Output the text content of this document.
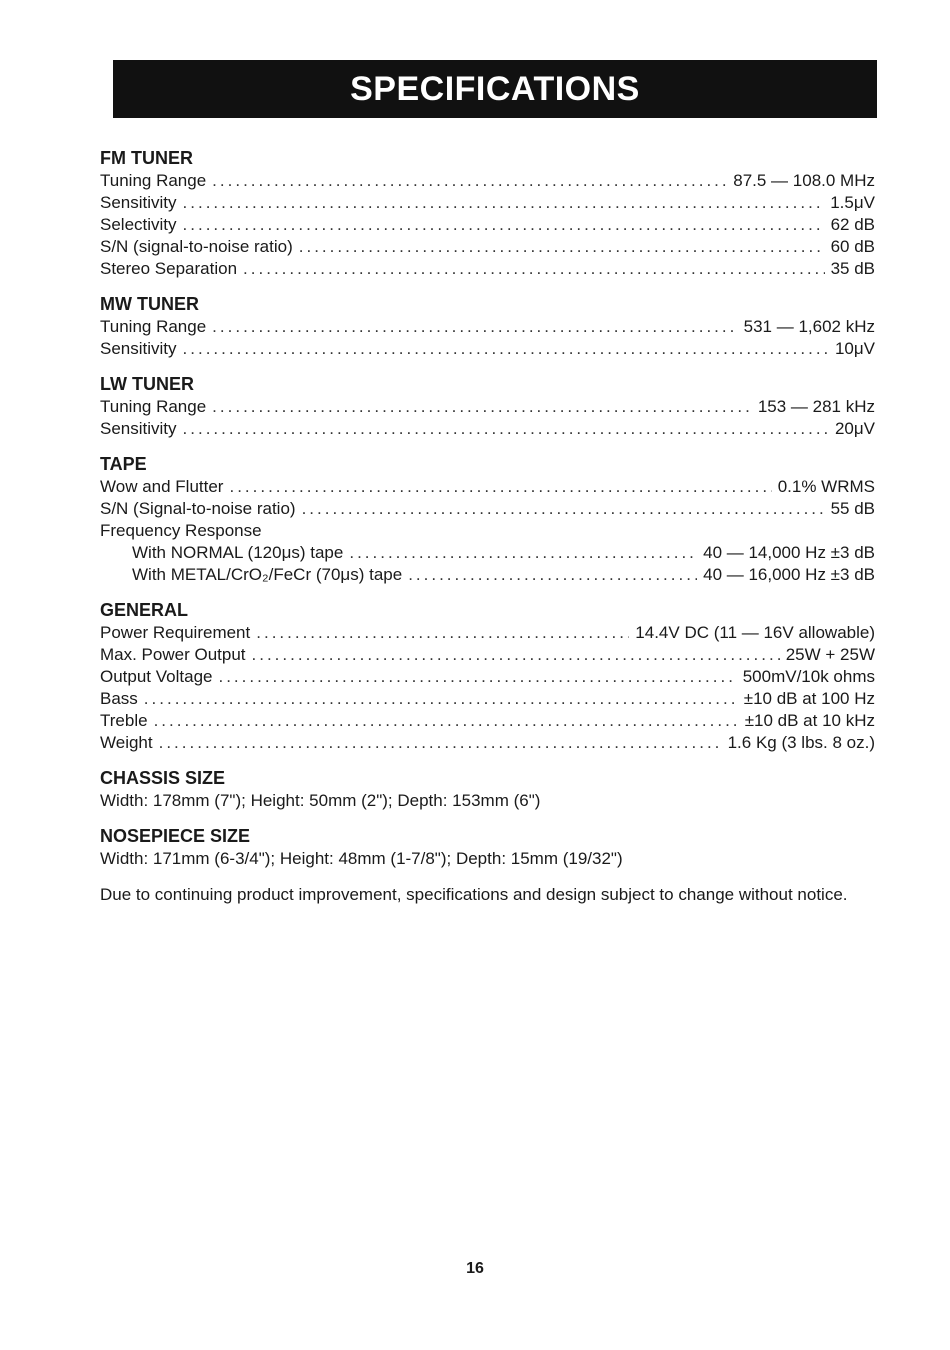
SPECIFICATIONS
FM TUNER
Tuning Range .....	87.5 — 108.0 MHz
Sensitivity .....	1.5μV
Selectivity .....	62 dB
S/N (signal-to-noise ratio) .....	60 dB
Stereo Separation .....	35 dB
MW TUNER
Tuning Range .....	531 — 1,602 kHz
Sensitivity .....	10μV
LW TUNER
Tuning Range .....	153 — 281 kHz
Sensitivity .....	20μV
TAPE
Wow and Flutter .....	0.1% WRMS
S/N (Signal-to-noise ratio) .....	55 dB
Frequency Response
With NORMAL (120μs) tape .....	40 — 14,000 Hz ±3 dB
With METAL/CrO₂/FeCr (70μs) tape .....	40 — 16,000 Hz ±3 dB
GENERAL
Power Requirement .....	14.4V DC (11 — 16V allowable)
Max. Power Output .....	25W + 25W
Output Voltage .....	500mV/10k ohms
Bass .....	±10 dB at 100 Hz
Treble .....	±10 dB at 10 kHz
Weight .....	1.6 Kg (3 lbs. 8 oz.)
CHASSIS SIZE
Width: 178mm (7"); Height: 50mm (2"); Depth: 153mm (6")
NOSEPIECE SIZE
Width: 171mm (6-3/4"); Height: 48mm (1-7/8"); Depth: 15mm (19/32")
Due to continuing product improvement, specifications and design subject to change without notice.
16
